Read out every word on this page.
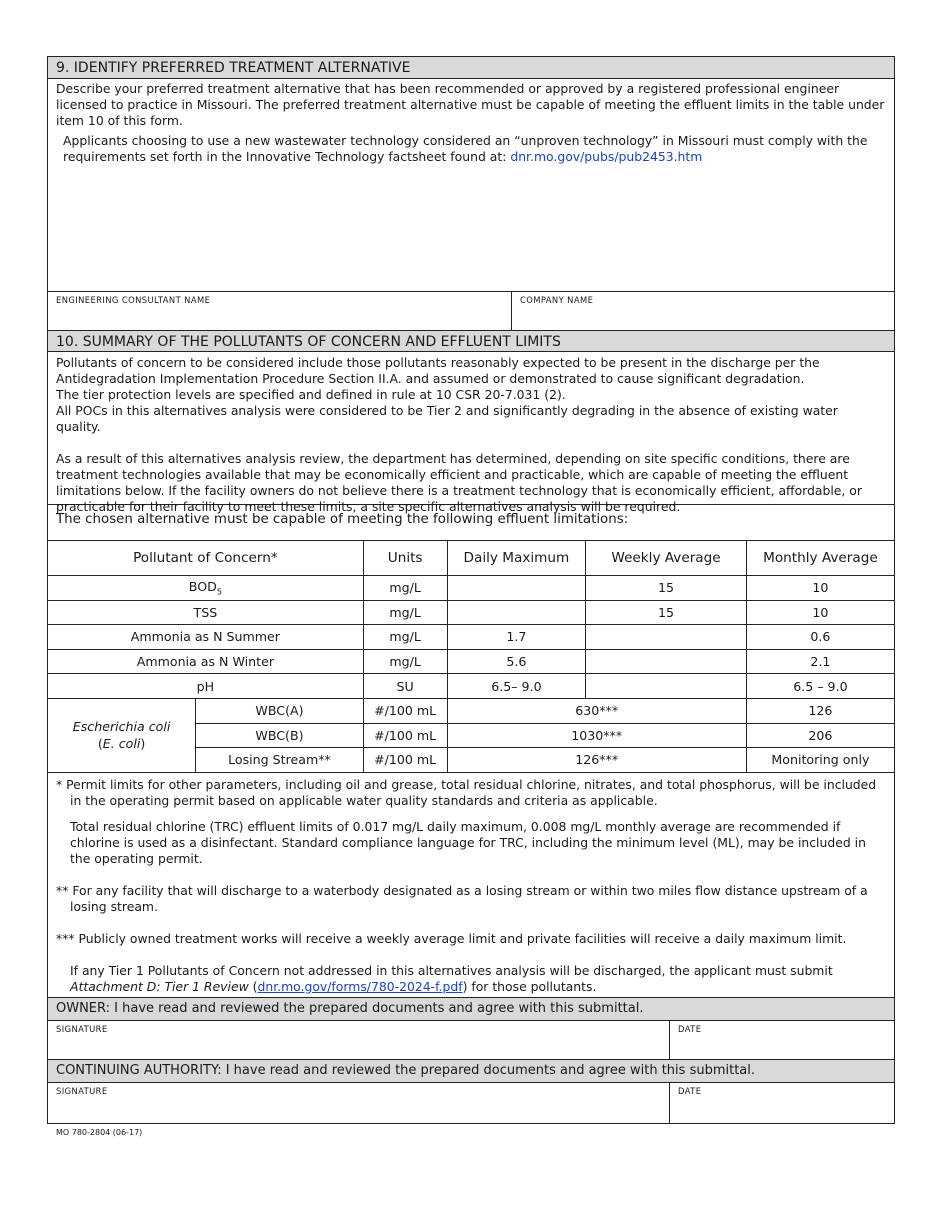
9. IDENTIFY PREFERRED TREATMENT ALTERNATIVE

Describe your preferred treatment alternative that has been recommended or approved by a registered professional engineer licensed to practice in Missouri. The preferred treatment alternative must be capable of meeting the effluent limits in the table under item 10 of this form.

Applicants choosing to use a new wastewater technology considered an “unproven technology” in Missouri must comply with the requirements set forth in the Innovative Technology factsheet found at: dnr.mo.gov/pubs/pub2453.htm

ENGINEERING CONSULTANT NAME	COMPANY NAME
10. SUMMARY OF THE POLLUTANTS OF CONCERN AND EFFLUENT LIMITS

Pollutants of concern to be considered include those pollutants reasonably expected to be present in the discharge per the Antidegradation Implementation Procedure Section II.A. and assumed or demonstrated to cause significant degradation.

The tier protection levels are specified and defined in rule at 10 CSR 20-7.031 (2).

All POCs in this alternatives analysis were considered to be Tier 2 and significantly degrading in the absence of existing water quality.

As a result of this alternatives analysis review, the department has determined, depending on site specific conditions, there are treatment technologies available that may be economically efficient and practicable, which are capable of meeting the effluent limitations below. If the facility owners do not believe there is a treatment technology that is economically efficient, affordable, or practicable for their facility to meet these limits, a site specific alternatives analysis will be required.

The chosen alternative must be capable of meeting the following effluent limitations:
Pollutant of Concern*		Units	Daily Maximum	Weekly Average	Monthly Average
$BOD_5$		mg/L		15	10
TSS		mg/L		15	10
Ammonia as N Summer		mg/L	1.7		0.6
Ammonia as N Winter		mg/L	5.6		2.1
pH		SU	6.5– 9.0		6.5 – 9.0

Escherichia coli
(E. coli)	WBC(A)	#/100 mL	630***		126
	WBC(B)	#/100 mL	1030***		206
	Losing Stream**	#/100 mL	126***		Monitoring only

* Permit limits for other parameters, including oil and grease, total residual chlorine, nitrates, and total phosphorus, will be included in the operating permit based on applicable water quality standards and criteria as applicable.

Total residual chlorine (TRC) effluent limits of 0.017 mg/L daily maximum, 0.008 mg/L monthly average are recommended if chlorine is used as a disinfectant. Standard compliance language for TRC, including the minimum level (ML), may be included in the operating permit.

** For any facility that will discharge to a waterbody designated as a losing stream or within two miles flow distance upstream of a losing stream.

*** Publicly owned treatment works will receive a weekly average limit and private facilities will receive a daily maximum limit.

If any Tier 1 Pollutants of Concern not addressed in this alternatives analysis will be discharged, the applicant must submit Attachment D: Tier 1 Review (dnr.mo.gov/forms/780-2024-f.pdf) for those pollutants.

OWNER: I have read and reviewed the prepared documents and agree with this submittal.
SIGNATURE	DATE
CONTINUING AUTHORITY: I have read and reviewed the prepared documents and agree with this submittal.
SIGNATURE	DATE
MO 780-2804 (06-17)
